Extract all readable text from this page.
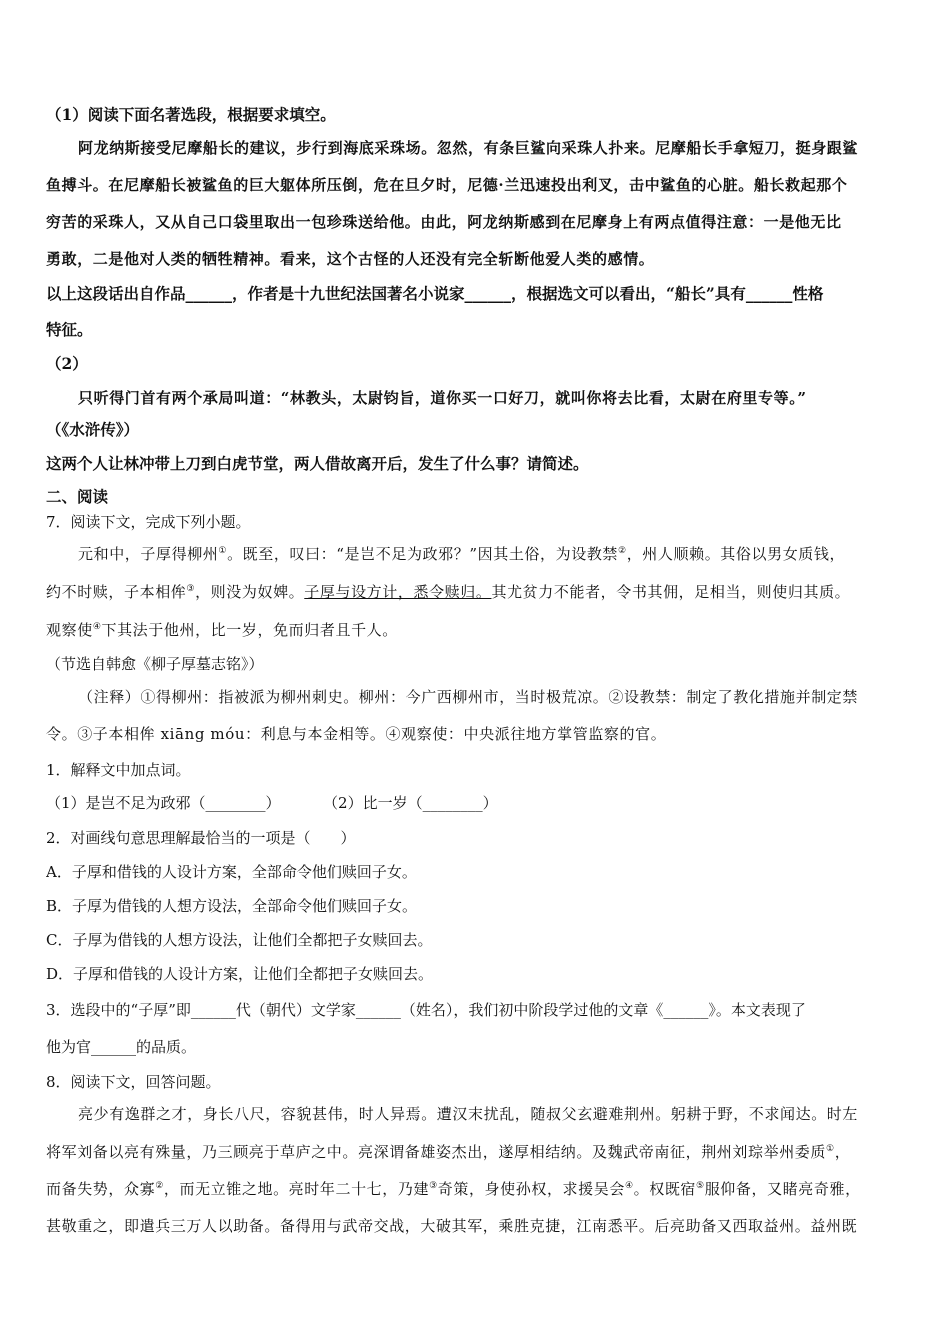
（1）阅读下面名著选段，根据要求填空。
阿龙纳斯接受尼摩船长的建议，步行到海底采珠场。忽然，有条巨鲨向采珠人扑来。尼摩船长手拿短刀，挺身跟鲨
鱼搏斗。在尼摩船长被鲨鱼的巨大躯体所压倒，危在旦夕时，尼德·兰迅速投出利叉，击中鲨鱼的心脏。船长救起那个
穷苦的采珠人，又从自己口袋里取出一包珍珠送给他。由此，阿龙纳斯感到在尼摩身上有两点值得注意：一是他无比
勇敢，二是他对人类的牺牲精神。看来，这个古怪的人还没有完全斩断他爱人类的感情。
以上这段话出自作品______，作者是十九世纪法国著名小说家______，根据选文可以看出，“船长”具有______性格
特征。
（2）
只听得门首有两个承局叫道：“林教头，太尉钧旨，道你买一口好刀，就叫你将去比看，太尉在府里专等。”
（《水浒传》）
这两个人让林冲带上刀到白虎节堂，两人借故离开后，发生了什么事？请简述。
二、阅读
7．阅读下文，完成下列小题。
元和中，子厚得柳州①。既至，叹曰：“是岂不足为政邪？”因其土俗，为设教禁②，州人顺赖。其俗以男女质钱，
约不时赎，子本相侔③，则没为奴婢。子厚与设方计，悉令赎归。其尤贫力不能者，令书其佣，足相当，则使归其质。
观察使④下其法于他州，比一岁，免而归者且千人。
（节选自韩愈《柳子厚墓志铭》）
（注释）①得柳州：指被派为柳州刺史。柳州：今广西柳州市，当时极荒凉。②设教禁：制定了教化措施并制定禁
令。③子本相侔 xiāng móu：利息与本金相等。④观察使：中央派往地方掌管监察的官。
1．解释文中加点词。
（1）是岂不足为政邪（________）	（2）比一岁（________）
2．对画线句意思理解最恰当的一项是（　　）
A．子厚和借钱的人设计方案，全部命令他们赎回子女。
B．子厚为借钱的人想方设法，全部命令他们赎回子女。
C．子厚为借钱的人想方设法，让他们全都把子女赎回去。
D．子厚和借钱的人设计方案，让他们全都把子女赎回去。
3．选段中的“子厚”即______代（朝代）文学家______（姓名），我们初中阶段学过他的文章《______》。本文表现了
他为官______的品质。
8．阅读下文，回答问题。
亮少有逸群之才，身长八尺，容貌甚伟，时人异焉。遭汉末扰乱，随叔父玄避难荆州。躬耕于野，不求闻达。时左
将军刘备以亮有殊量，乃三顾亮于草庐之中。亮深谓备雄姿杰出，遂厚相结纳。及魏武帝南征，荆州刘琮举州委质①，
而备失势，众寡②，而无立锥之地。亮时年二十七，乃建③奇策，身使孙权，求援吴会④。权既宿⑤服仰备，又睹亮奇雅，
甚敬重之，即遣兵三万人以助备。备得用与武帝交战，大破其军，乘胜克捷，江南悉平。后亮助备又西取益州。益州既
